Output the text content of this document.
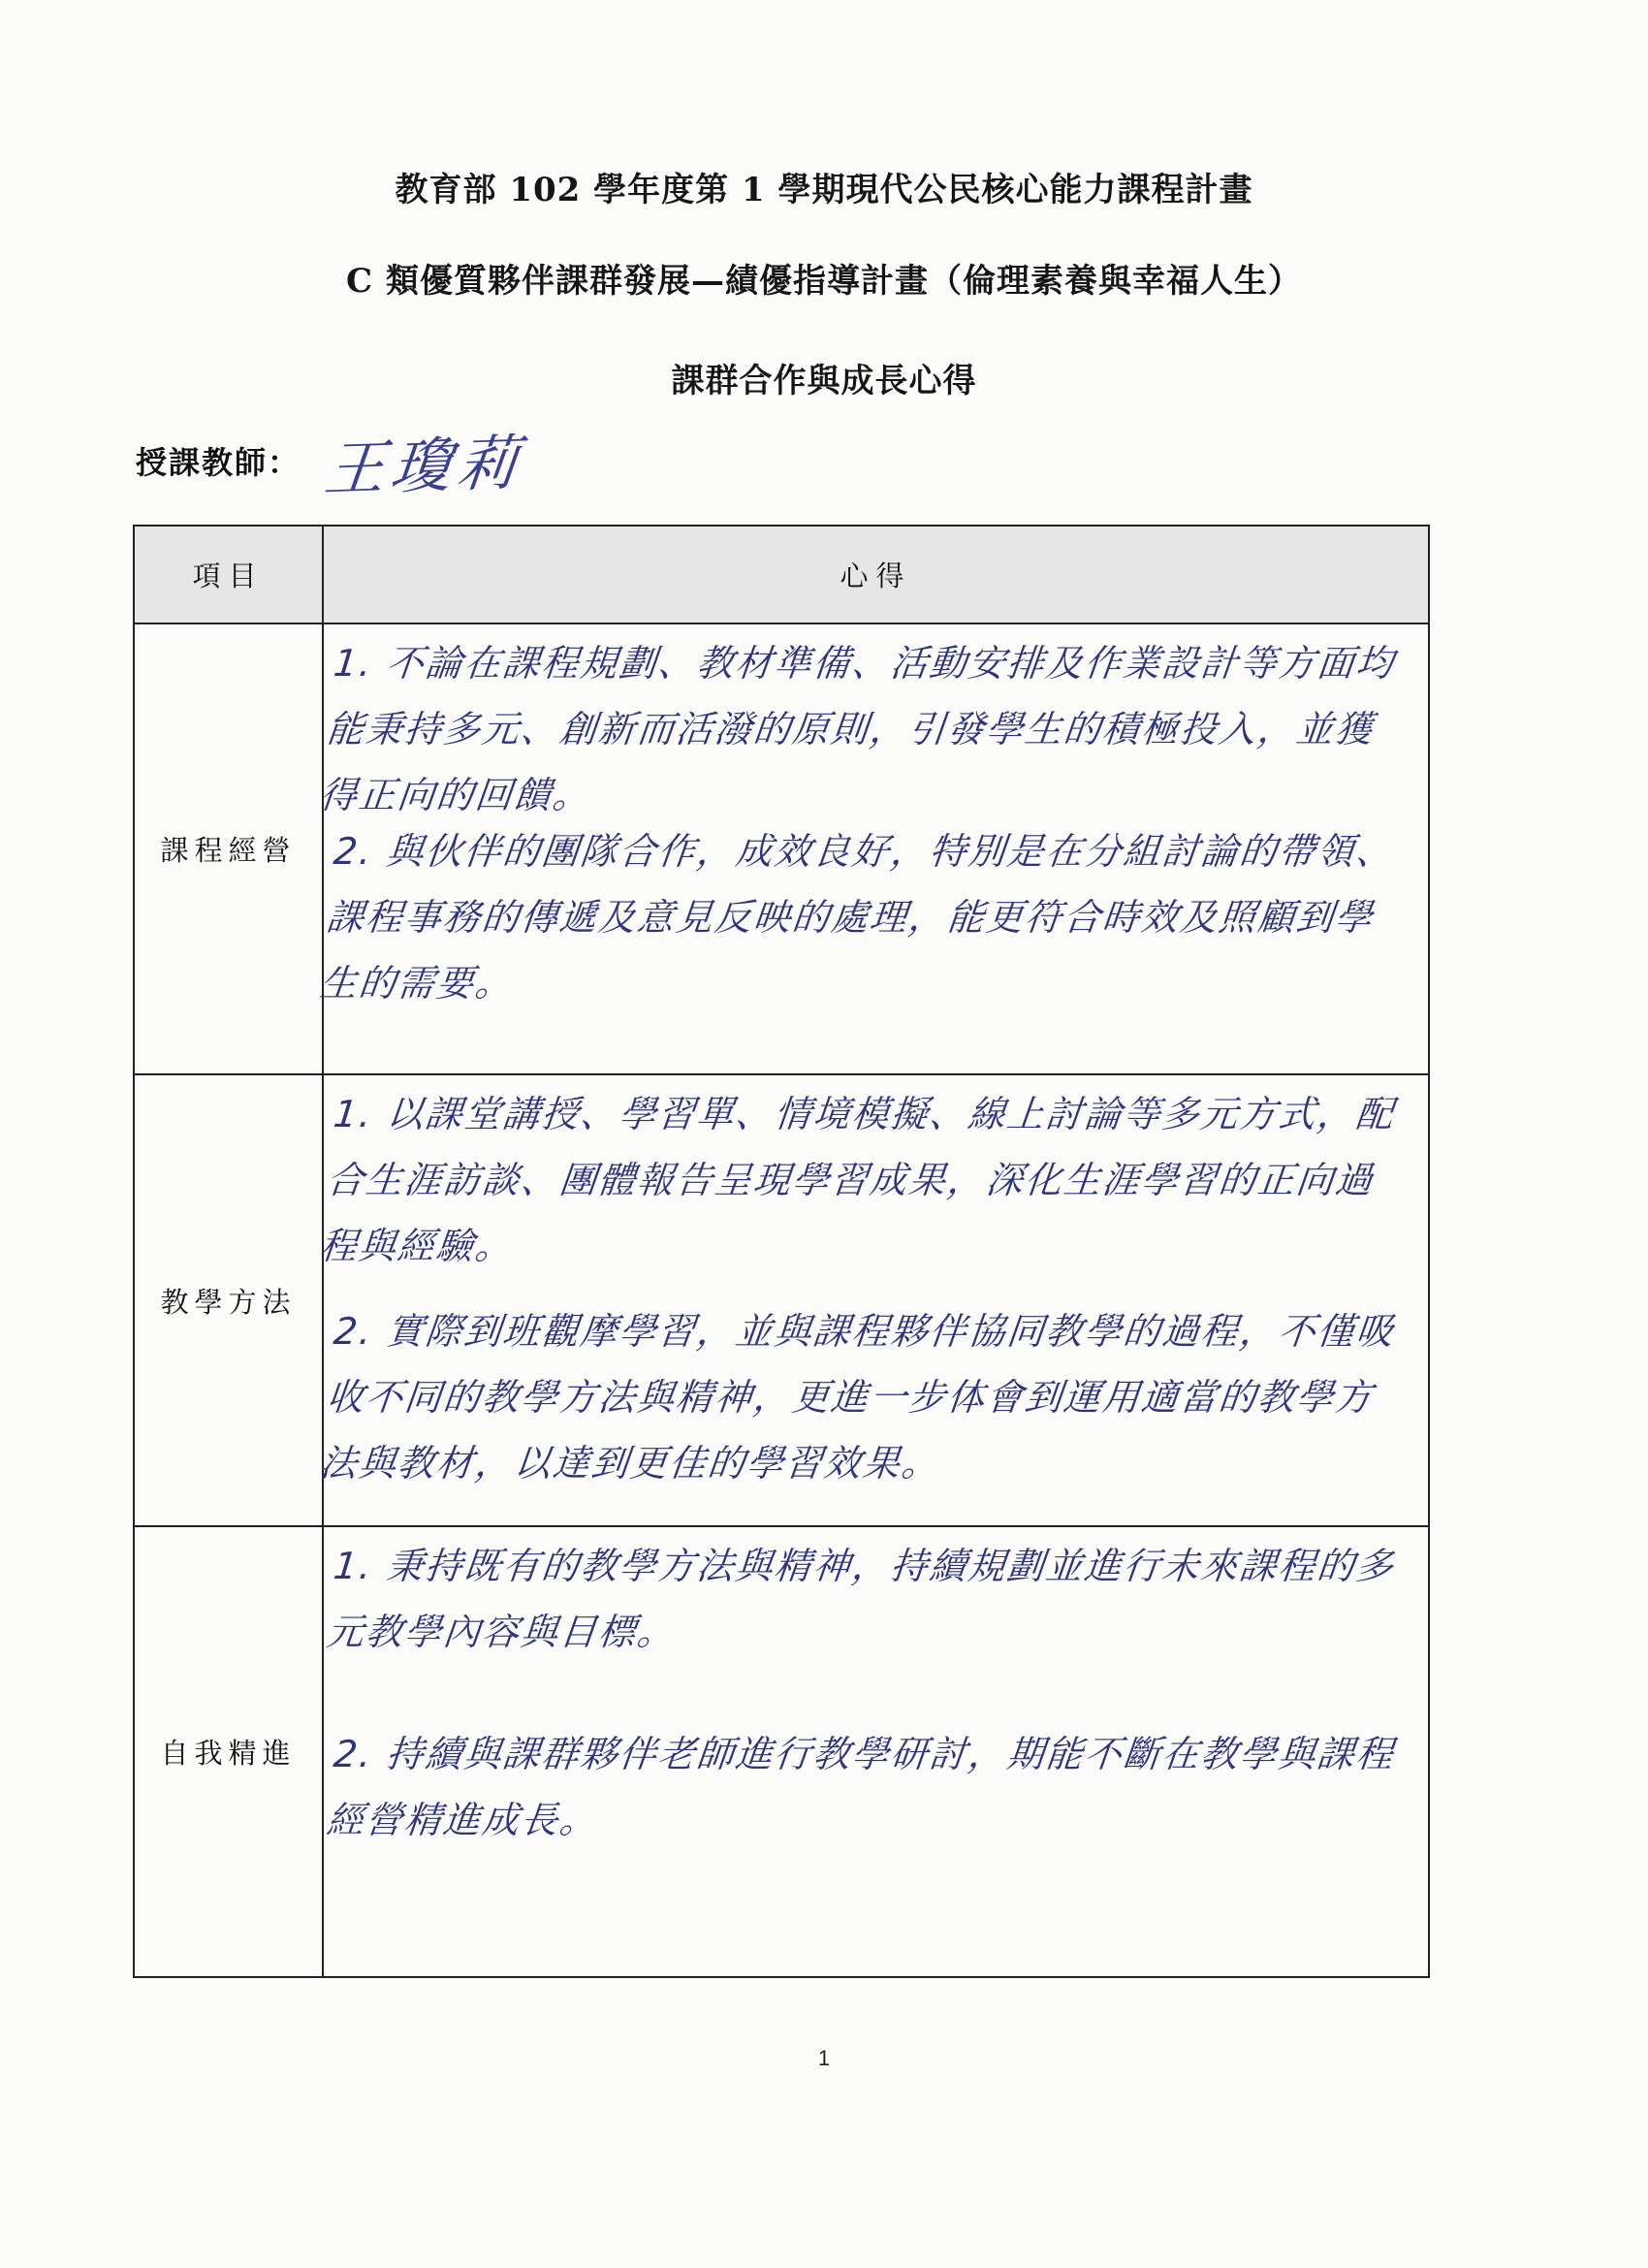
教育部 102 學年度第 1 學期現代公民核心能力課程計畫
C 類優質夥伴課群發展—績優指導計畫（倫理素養與幸福人生）
課群合作與成長心得
授課教師： 王瓊莉
項目	心得
課程經營	1. 不論在課程規劃、教材準備、活動安排及作業設計等方面均能秉持多元、創新而活潑的原則，引發學生的積極投入，並獲得正向的回饋。
2. 與伙伴的團隊合作，成效良好，特別是在分組討論的帶領、課程事務的傳遞及意見反映的處理，能更符合時效及照顧到學生的需要。

教學方法	1. 以課堂講授、學習單、情境模擬、線上討論等多元方式，配合生涯訪談、團體報告呈現學習成果，深化生涯學習的正向過程與經驗。
2. 實際到班觀摩學習，並與課程夥伴協同教學的過程，不僅吸收不同的教學方法與精神，更進一步体會到運用適當的教學方法與教材，以達到更佳的學習效果。

自我精進	1. 秉持既有的教學方法與精神，持續規劃並進行未來課程的多元教學內容與目標。
2. 持續與課群夥伴老師進行教學研討，期能不斷在教學與課程經營精進成長。
1
